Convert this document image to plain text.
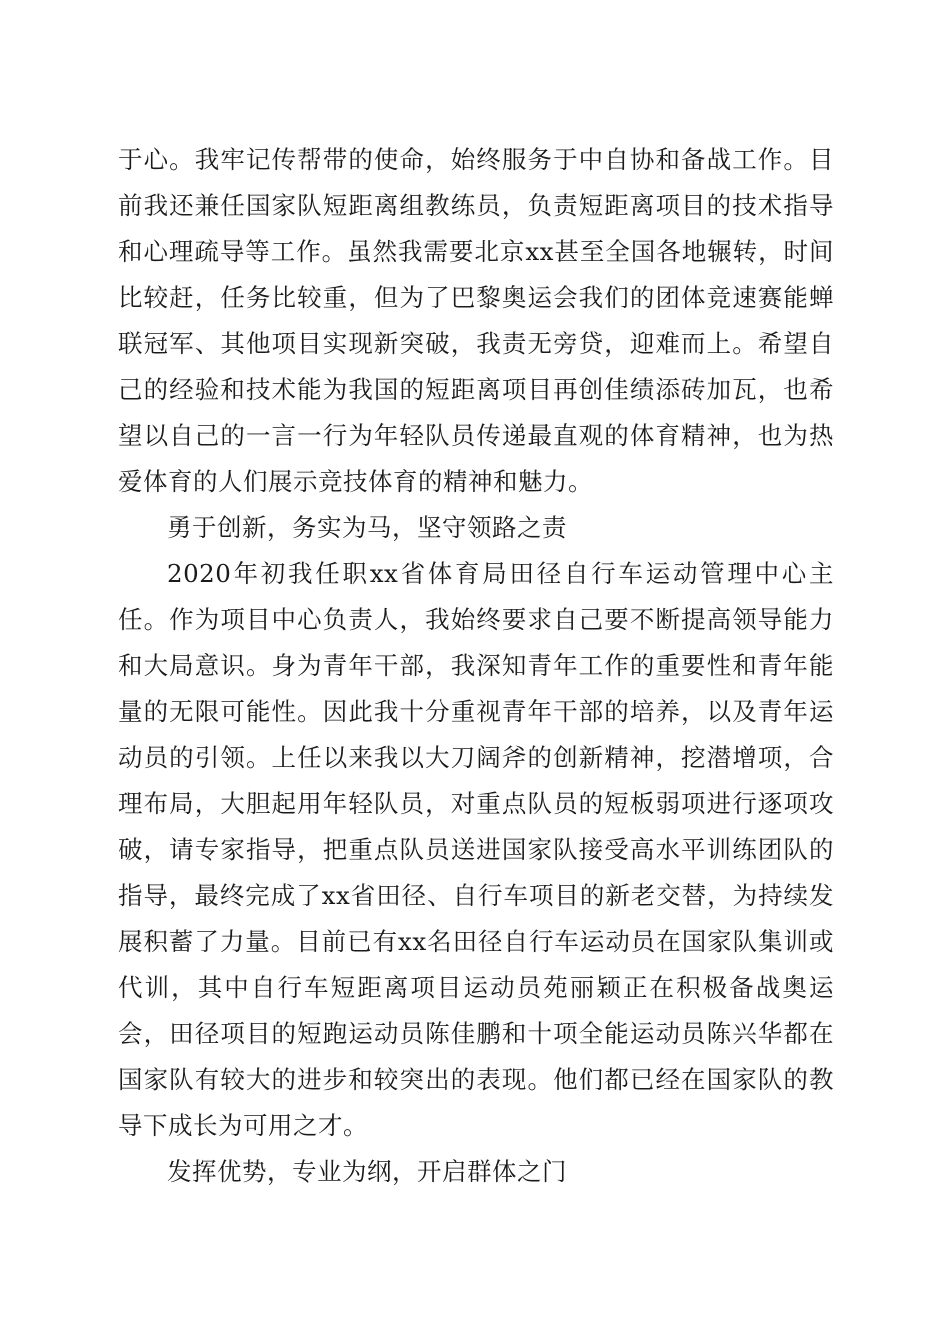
于心。我牢记传帮带的使命，始终服务于中自协和备战工作。目前我还兼任国家队短距离组教练员，负责短距离项目的技术指导和心理疏导等工作。虽然我需要北京xx甚至全国各地辗转，时间比较赶，任务比较重，但为了巴黎奥运会我们的团体竞速赛能蝉联冠军、其他项目实现新突破，我责无旁贷，迎难而上。希望自己的经验和技术能为我国的短距离项目再创佳绩添砖加瓦，也希望以自己的一言一行为年轻队员传递最直观的体育精神，也为热爱体育的人们展示竞技体育的精神和魅力。

勇于创新，务实为马，坚守领路之责

2020年初我任职xx省体育局田径自行车运动管理中心主任。作为项目中心负责人，我始终要求自己要不断提高领导能力和大局意识。身为青年干部，我深知青年工作的重要性和青年能量的无限可能性。因此我十分重视青年干部的培养，以及青年运动员的引领。上任以来我以大刀阔斧的创新精神，挖潜增项，合理布局，大胆起用年轻队员，对重点队员的短板弱项进行逐项攻破，请专家指导，把重点队员送进国家队接受高水平训练团队的指导，最终完成了xx省田径、自行车项目的新老交替，为持续发展积蓄了力量。目前已有xx名田径自行车运动员在国家队集训或代训，其中自行车短距离项目运动员苑丽颖正在积极备战奥运会，田径项目的短跑运动员陈佳鹏和十项全能运动员陈兴华都在国家队有较大的进步和较突出的表现。他们都已经在国家队的教导下成长为可用之才。

发挥优势，专业为纲，开启群体之门
